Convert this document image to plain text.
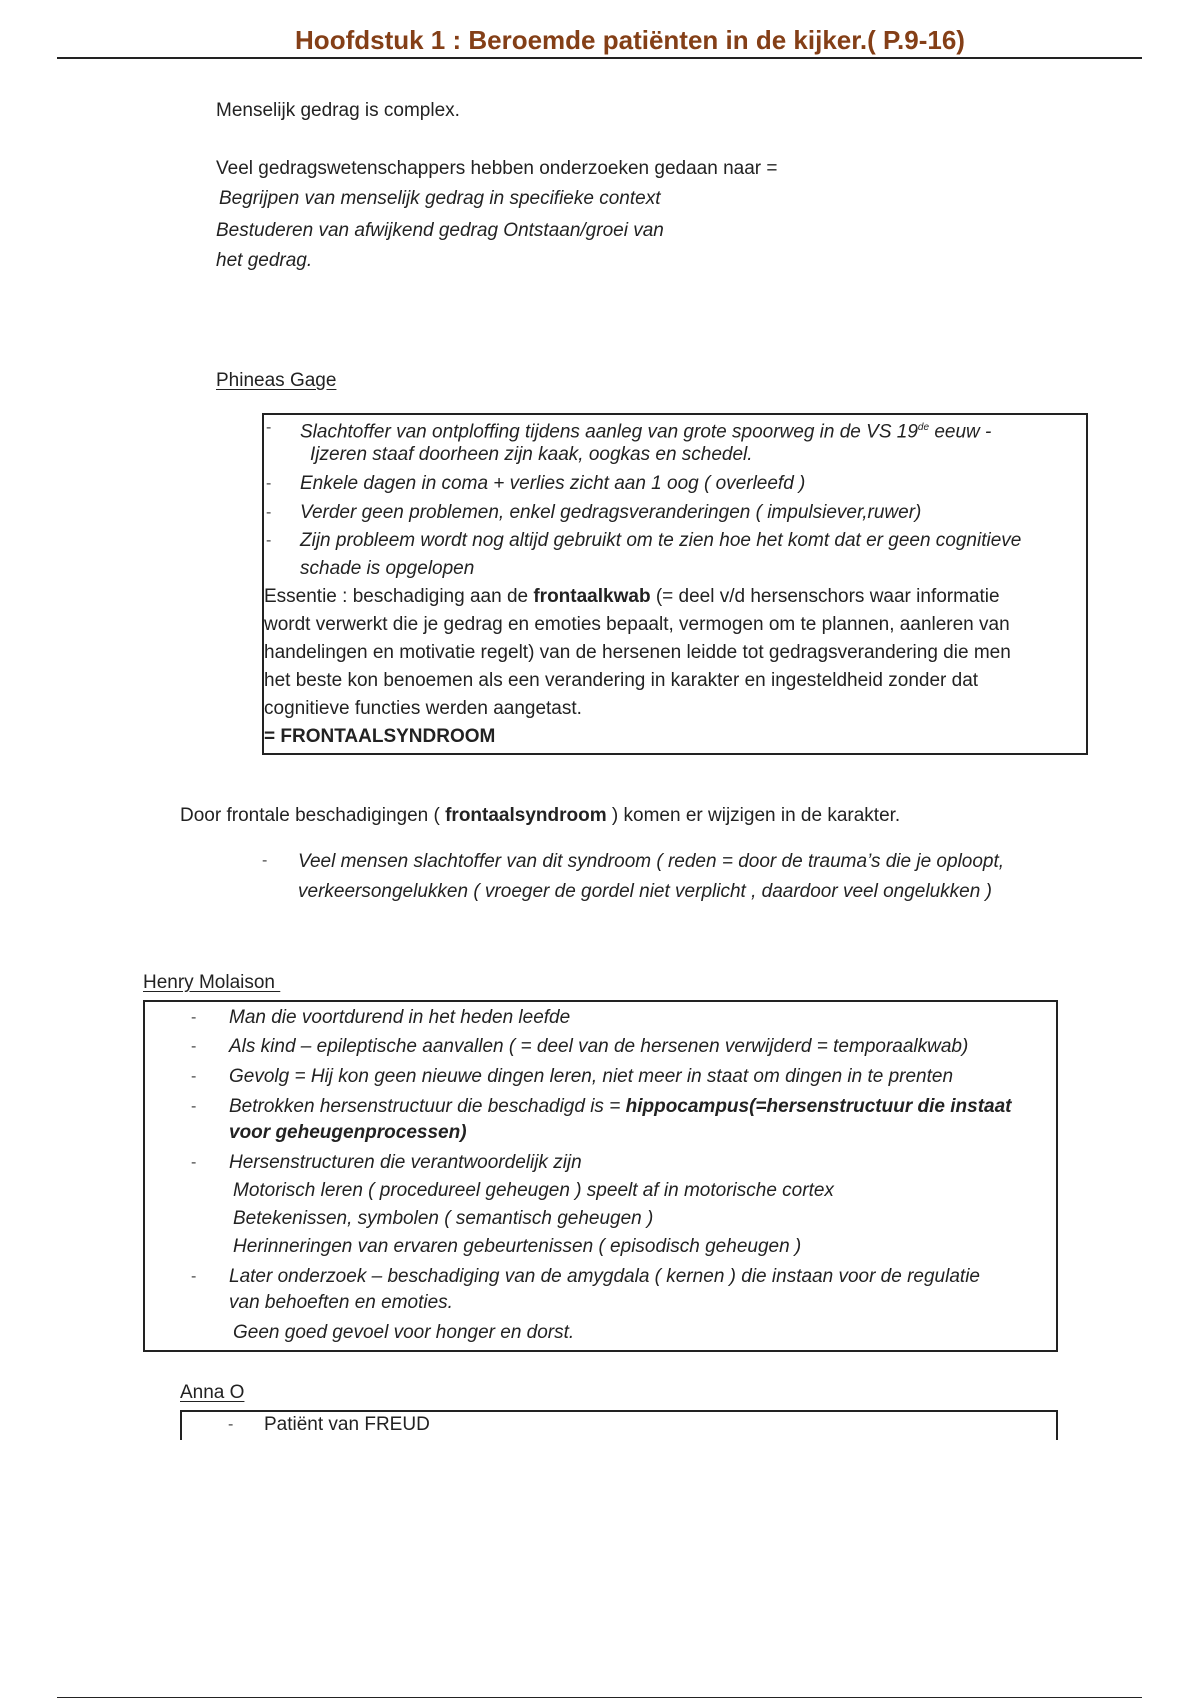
Hoofdstuk 1 : Beroemde patiënten in de kijker.( P.9-16)

Menselijk gedrag is complex.

Veel gedragswetenschappers hebben onderzoeken gedaan naar =

Begrijpen van menselijk gedrag in specifieke context

Bestuderen van afwijkend gedrag Ontstaan/groei van

het gedrag.

Phineas Gage

- Slachtoffer van ontploffing tijdens aanleg van grote spoorweg in de VS 19de eeuw -

Ijzeren staaf doorheen zijn kaak, oogkas en schedel.

- Enkele dagen in coma + verlies zicht aan 1 oog ( overleefd )

- Verder geen problemen, enkel gedragsveranderingen ( impulsiever,ruwer)

- Zijn probleem wordt nog altijd gebruikt om te zien hoe het komt dat er geen cognitieve

schade is opgelopen

Essentie : beschadiging aan de frontaalkwab (= deel v/d hersenschors waar informatie

wordt verwerkt die je gedrag en emoties bepaalt, vermogen om te plannen, aanleren van

handelingen en motivatie regelt) van de hersenen leidde tot gedragsverandering die men

het beste kon benoemen als een verandering in karakter en ingesteldheid zonder dat

cognitieve functies werden aangetast.

= FRONTAALSYNDROOM

Door frontale beschadigingen ( frontaalsyndroom ) komen er wijzigen in de karakter.

- Veel mensen slachtoffer van dit syndroom ( reden = door de trauma’s die je oploopt,

verkeersongelukken ( vroeger de gordel niet verplicht , daardoor veel ongelukken )

Henry Molaison

- Man die voortdurend in het heden leefde

- Als kind – epileptische aanvallen ( = deel van de hersenen verwijderd = temporaalkwab)

- Gevolg = Hij kon geen nieuwe dingen leren, niet meer in staat om dingen in te prenten

- Betrokken hersenstructuur die beschadigd is = hippocampus(=hersenstructuur die instaat

voor geheugenprocessen)

- Hersenstructuren die verantwoordelijk zijn

Motorisch leren ( procedureel geheugen ) speelt af in motorische cortex

Betekenissen, symbolen ( semantisch geheugen )

Herinneringen van ervaren gebeurtenissen ( episodisch geheugen )

- Later onderzoek – beschadiging van de amygdala ( kernen ) die instaan voor de regulatie

van behoeften en emoties.

Geen goed gevoel voor honger en dorst.

Anna O

- Patiënt van FREUD
